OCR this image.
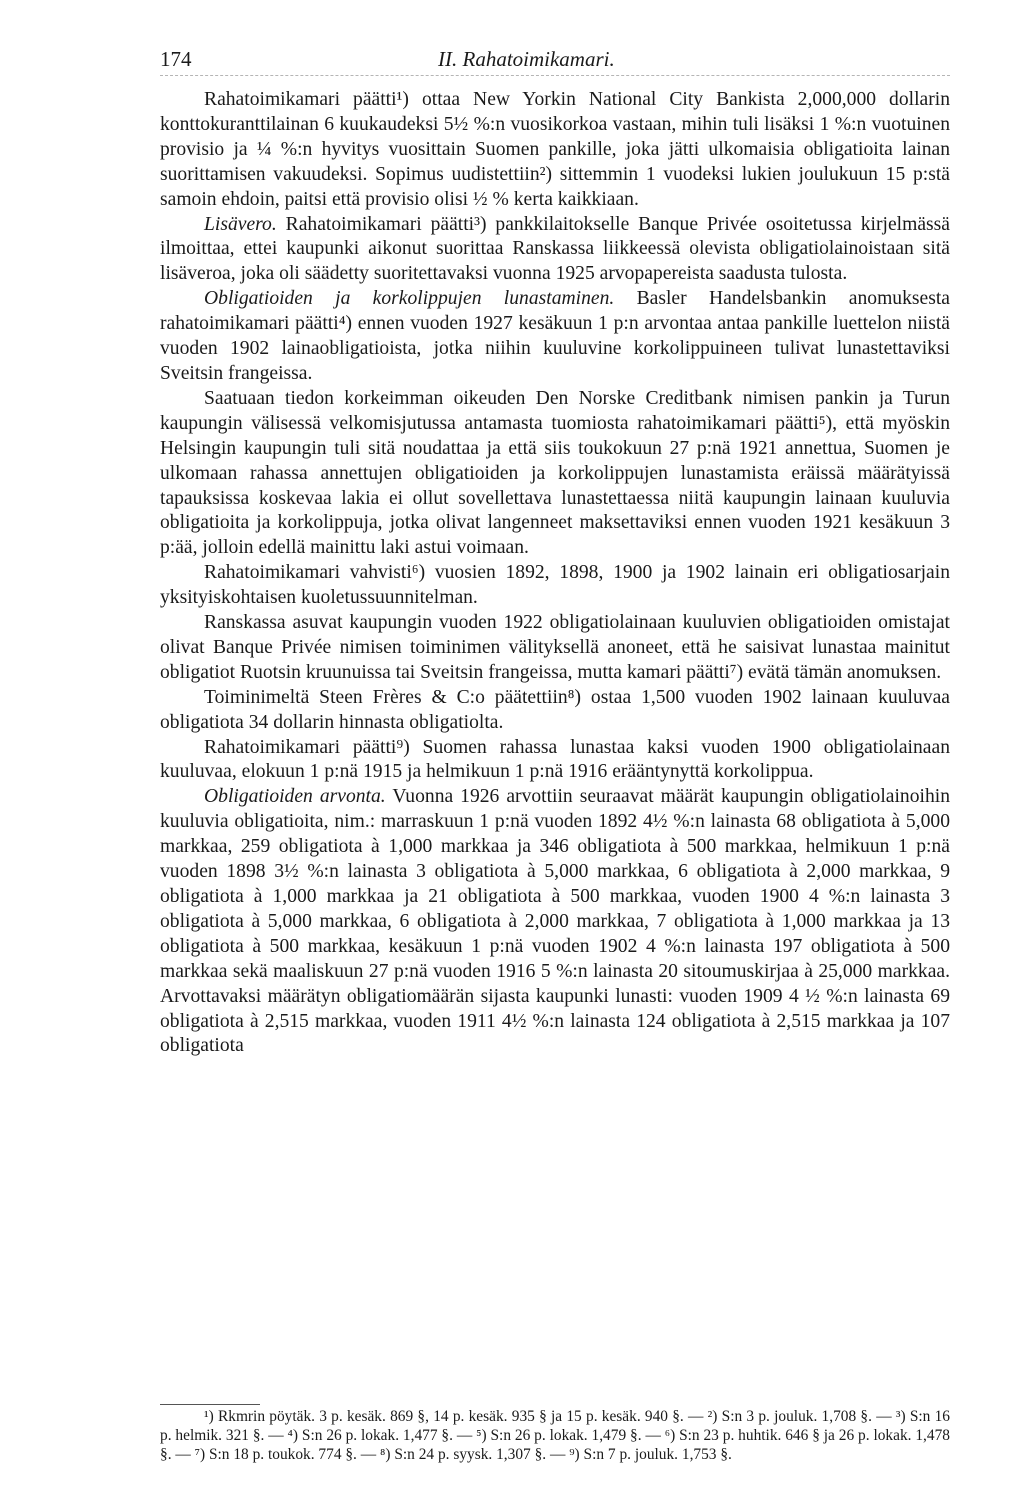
174	II. Rahatoimikamari.

Rahatoimikamari päätti¹) ottaa New Yorkin National City Bankista 2,000,000 dollarin konttokuranttilainan 6 kuukaudeksi 5½ %:n vuosikorkoa vastaan, mihin tuli lisäksi 1 %:n vuotuinen provisio ja ¼ %:n hyvitys vuosittain Suomen pankille, joka jätti ulkomaisia obligatioita lainan suorittamisen vakuudeksi. Sopimus uudistettiin²) sittemmin 1 vuodeksi lukien joulukuun 15 p:stä samoin ehdoin, paitsi että provisio olisi ½ % kerta kaikkiaan.

Lisävero. Rahatoimikamari päätti³) pankkilaitokselle Banque Privée osoitetussa kirjelmässä ilmoittaa, ettei kaupunki aikonut suorittaa Ranskassa liikkeessä olevista obligatiolainoistaan sitä lisäveroa, joka oli säädetty suoritettavaksi vuonna 1925 arvopapereista saadusta tulosta.

Obligatioiden ja korkolippujen lunastaminen. Basler Handelsbankin anomuksesta rahatoimikamari päätti⁴) ennen vuoden 1927 kesäkuun 1 p:n arvontaa antaa pankille luettelon niistä vuoden 1902 lainaobligatioista, jotka niihin kuuluvine korkolippuineen tulivat lunastettaviksi Sveitsin frangeissa.

Saatuaan tiedon korkeimman oikeuden Den Norske Creditbank nimisen pankin ja Turun kaupungin välisessä velkomisjutussa antamasta tuomiosta rahatoimikamari päätti⁵), että myöskin Helsingin kaupungin tuli sitä noudattaa ja että siis toukokuun 27 p:nä 1921 annettua, Suomen je ulkomaan rahassa annettujen obligatioiden ja korkolippujen lunastamista eräissä määrätyissä tapauksissa koskevaa lakia ei ollut sovellettava lunastettaessa niitä kaupungin lainaan kuuluvia obligatioita ja korkolippuja, jotka olivat langenneet maksettaviksi ennen vuoden 1921 kesäkuun 3 p:ää, jolloin edellä mainittu laki astui voimaan.

Rahatoimikamari vahvisti⁶) vuosien 1892, 1898, 1900 ja 1902 lainain eri obligatiosarjain yksityiskohtaisen kuoletussuunnitelman.

Ranskassa asuvat kaupungin vuoden 1922 obligatiolainaan kuuluvien obligatioiden omistajat olivat Banque Privée nimisen toiminimen välityksellä anoneet, että he saisivat lunastaa mainitut obligatiot Ruotsin kruunuissa tai Sveitsin frangeissa, mutta kamari päätti⁷) evätä tämän anomuksen.

Toiminimeltä Steen Frères & C:o päätettiin⁸) ostaa 1,500 vuoden 1902 lainaan kuuluvaa obligatiota 34 dollarin hinnasta obligatiolta.

Rahatoimikamari päätti⁹) Suomen rahassa lunastaa kaksi vuoden 1900 obligatiolainaan kuuluvaa, elokuun 1 p:nä 1915 ja helmikuun 1 p:nä 1916 erääntynyttä korkolippua.

Obligatioiden arvonta. Vuonna 1926 arvottiin seuraavat määrät kaupungin obligatiolainoihin kuuluvia obligatioita, nim.: marraskuun 1 p:nä vuoden 1892 4½ %:n lainasta 68 obligatiota à 5,000 markkaa, 259 obligatiota à 1,000 markkaa ja 346 obligatiota à 500 markkaa, helmikuun 1 p:nä vuoden 1898 3½ %:n lainasta 3 obligatiota à 5,000 markkaa, 6 obligatiota à 2,000 markkaa, 9 obligatiota à 1,000 markkaa ja 21 obligatiota à 500 markkaa, vuoden 1900 4 %:n lainasta 3 obligatiota à 5,000 markkaa, 6 obligatiota à 2,000 markkaa, 7 obligatiota à 1,000 markkaa ja 13 obligatiota à 500 markkaa, kesäkuun 1 p:nä vuoden 1902 4 %:n lainasta 197 obligatiota à 500 markkaa sekä maaliskuun 27 p:nä vuoden 1916 5 %:n lainasta 20 sitoumuskirjaa à 25,000 markkaa. Arvottavaksi määrätyn obligatiomäärän sijasta kaupunki lunasti: vuoden 1909 4 ½ %:n lainasta 69 obligatiota à 2,515 markkaa, vuoden 1911 4½ %:n lainasta 124 obligatiota à 2,515 markkaa ja 107 obligatiota

¹) Rkmrin pöytäk. 3 p. kesäk. 869 §, 14 p. kesäk. 935 § ja 15 p. kesäk. 940 §. — ²) S:n 3 p. jouluk. 1,708 §. — ³) S:n 16 p. helmik. 321 §. — ⁴) S:n 26 p. lokak. 1,477 §. — ⁵) S:n 26 p. lokak. 1,479 §. — ⁶) S:n 23 p. huhtik. 646 § ja 26 p. lokak. 1,478 §. — ⁷) S:n 18 p. toukok. 774 §. — ⁸) S:n 24 p. syysk. 1,307 §. — ⁹) S:n 7 p. jouluk. 1,753 §.
